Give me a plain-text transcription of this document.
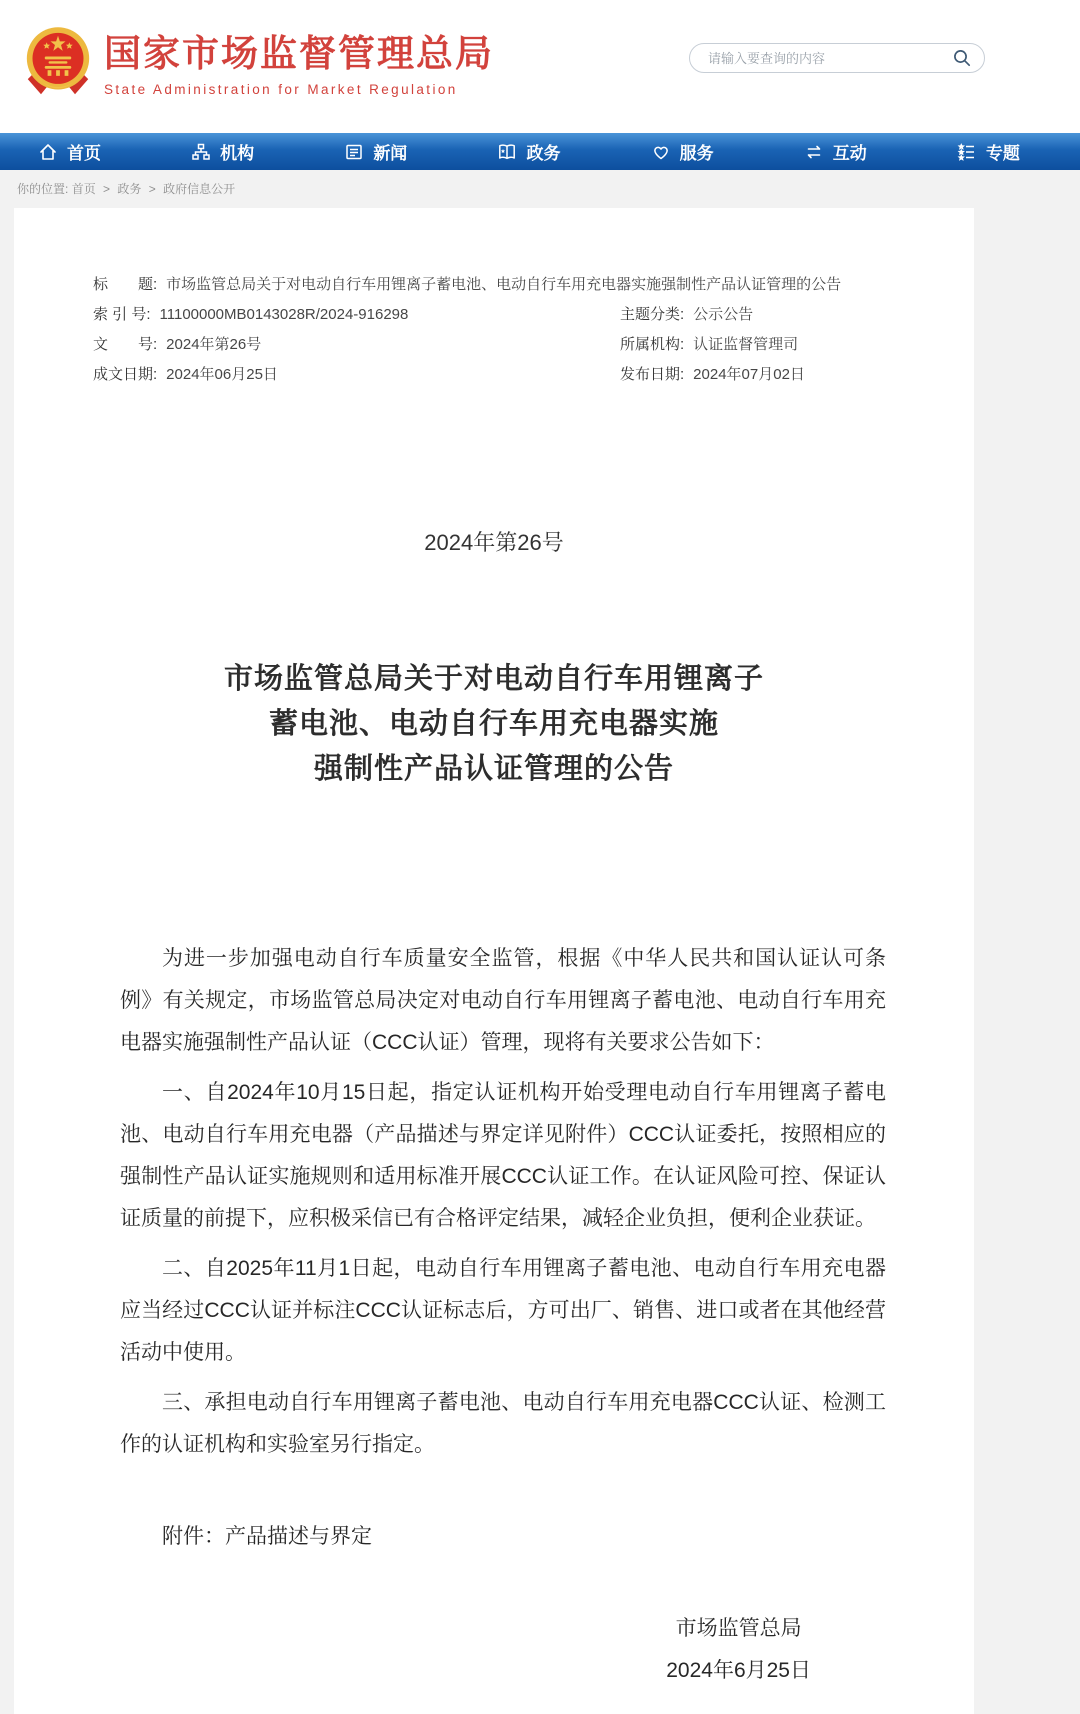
国家市场监督管理总局
State Administration for Market Regulation
请输入要查询的内容
首页	机构	新闻	政务	服务	互动	专题
你的位置: 首页 > 政务 > 政府信息公开
标　　题: 市场监管总局关于对电动自行车用锂离子蓄电池、电动自行车用充电器实施强制性产品认证管理的公告
索 引 号: 11100000MB0143028R/2024-916298	主题分类: 公示公告
文　　号: 2024年第26号	所属机构: 认证监督管理司
成文日期: 2024年06月25日	发布日期: 2024年07月02日
2024年第26号
市场监管总局关于对电动自行车用锂离子
蓄电池、电动自行车用充电器实施
强制性产品认证管理的公告

为进一步加强电动自行车质量安全监管，根据《中华人民共和国认证认可条例》有关规定，市场监管总局决定对电动自行车用锂离子蓄电池、电动自行车用充电器实施强制性产品认证（CCC认证）管理，现将有关要求公告如下：

一、自2024年10月15日起，指定认证机构开始受理电动自行车用锂离子蓄电池、电动自行车用充电器（产品描述与界定详见附件）CCC认证委托，按照相应的强制性产品认证实施规则和适用标准开展CCC认证工作。在认证风险可控、保证认证质量的前提下，应积极采信已有合格评定结果，减轻企业负担，便利企业获证。

二、自2025年11月1日起，电动自行车用锂离子蓄电池、电动自行车用充电器应当经过CCC认证并标注CCC认证标志后，方可出厂、销售、进口或者在其他经营活动中使用。

三、承担电动自行车用锂离子蓄电池、电动自行车用充电器CCC认证、检测工作的认证机构和实验室另行指定。

附件：产品描述与界定

市场监管总局
2024年6月25日
